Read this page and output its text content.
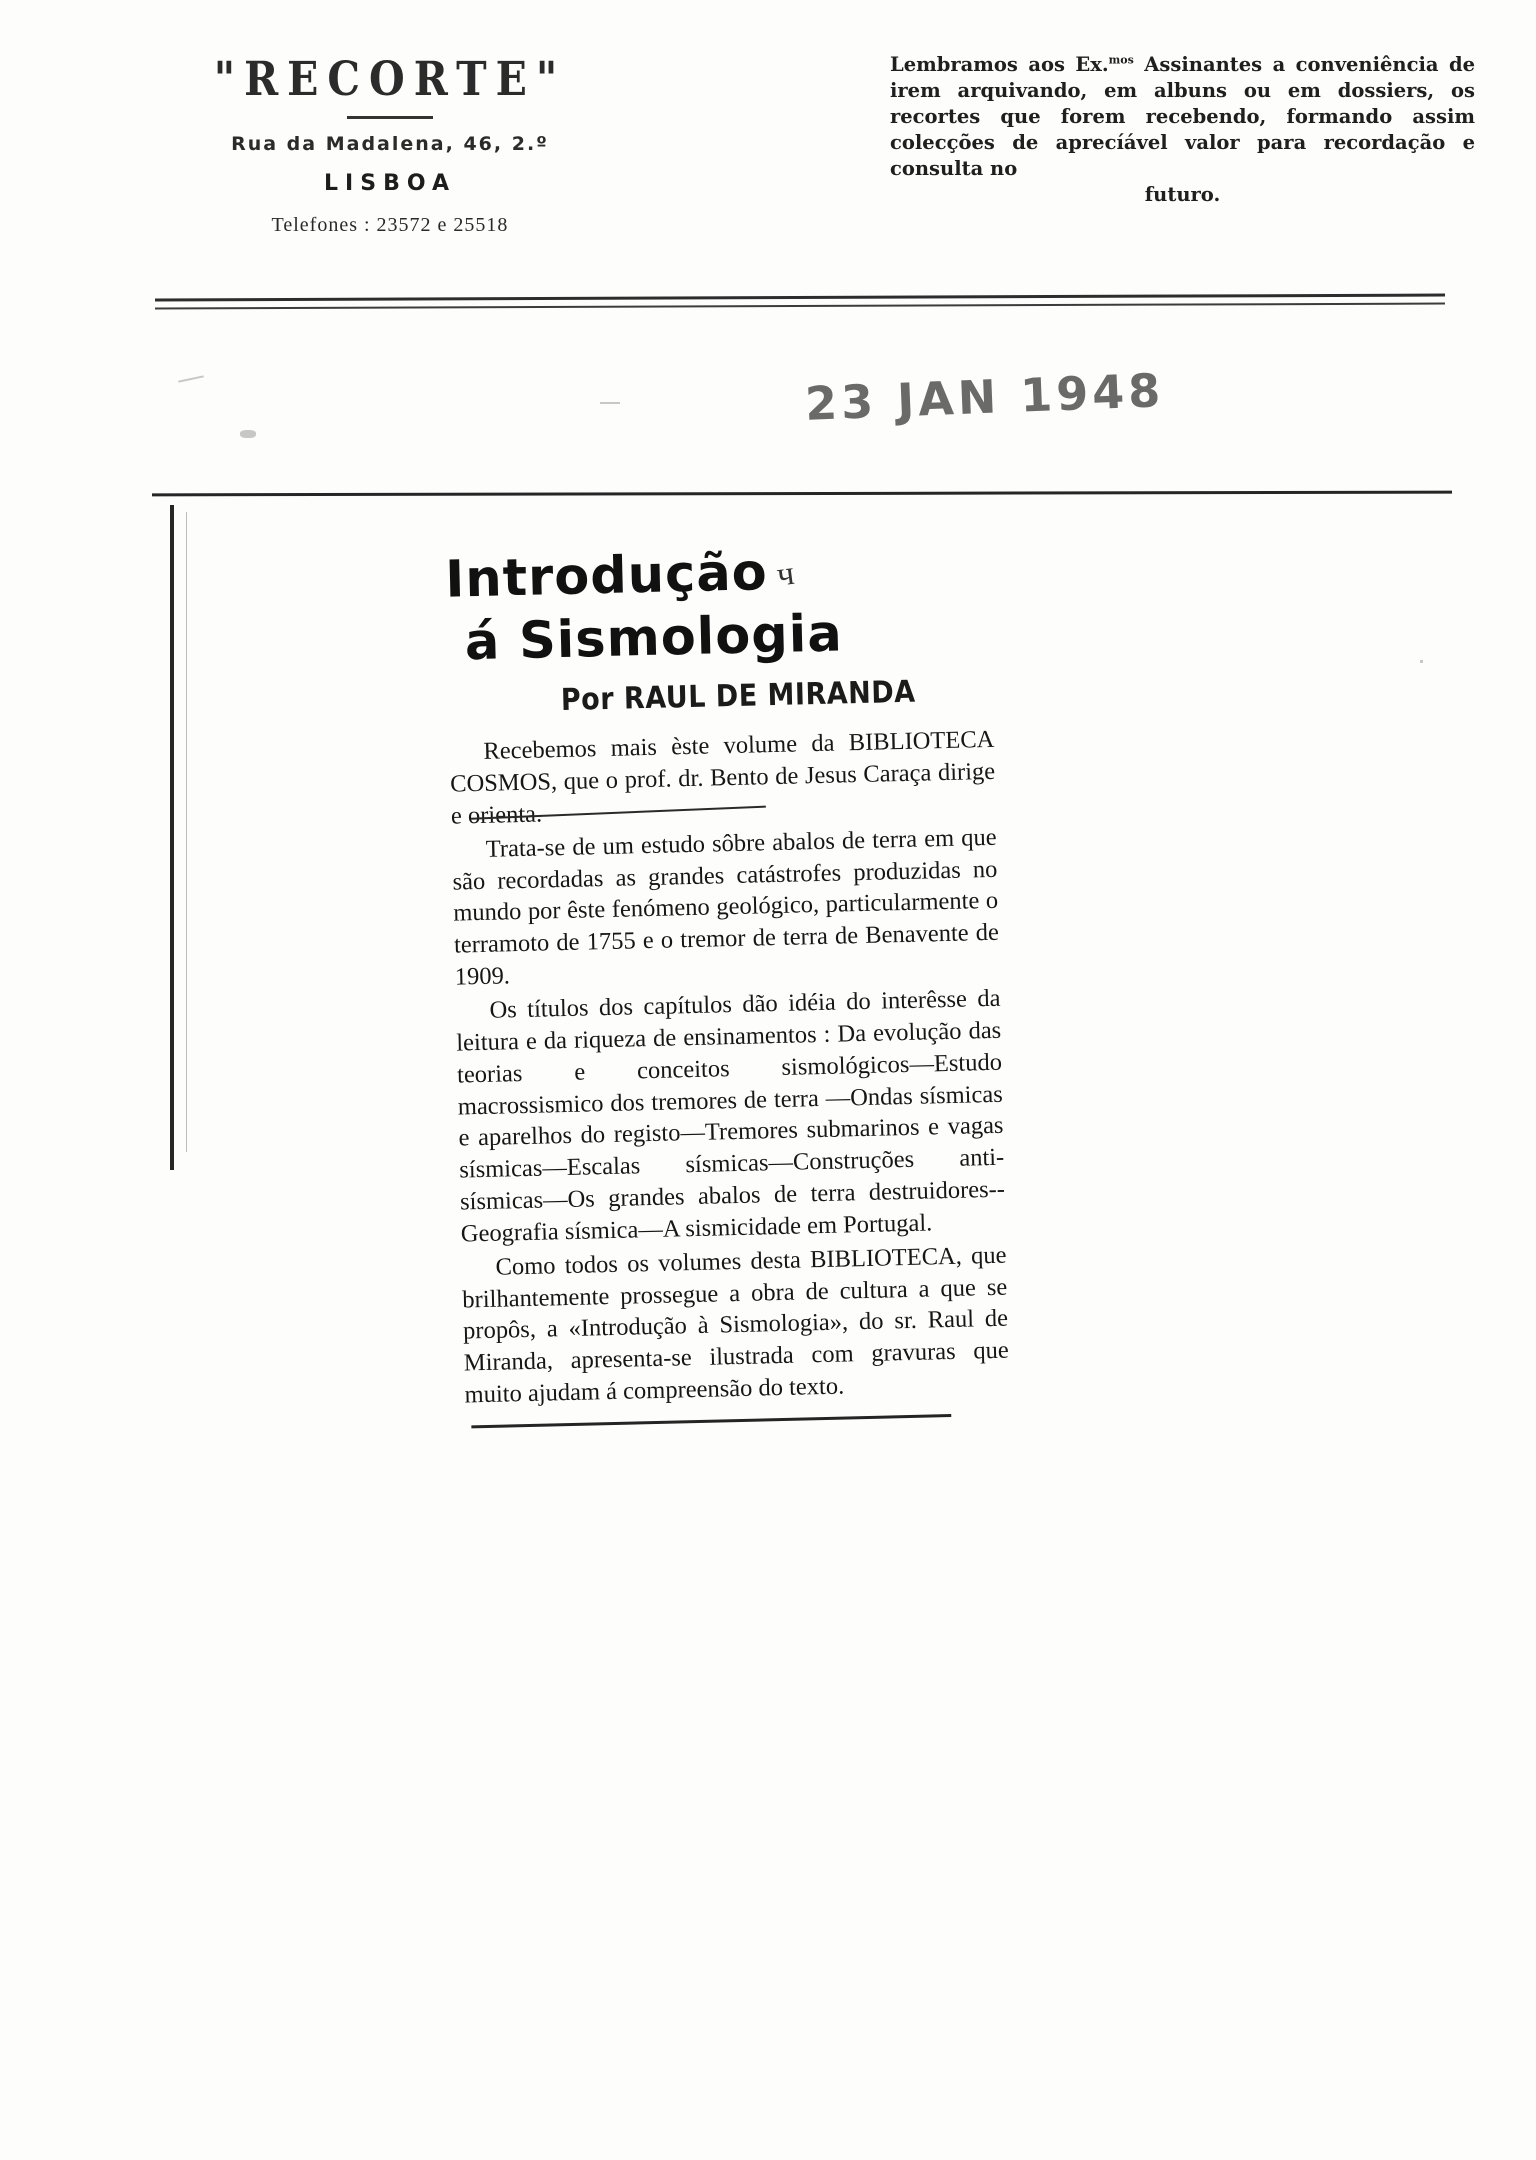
"RECORTE"
Rua da Madalena, 46, 2.º
LISBOA
Telefones : 23572 e 25518
Lembramos aos Ex.$^{mos}$ Assinantes a conveniência de irem arquivando, em albuns ou em dossiers, os recortes que forem recebendo, formando assim colecções de aprecíável valor para recordação e consulta no
futuro.
23 JAN 1948
Introdução ч
á Sismologia
Por RAUL DE MIRANDA

Recebemos mais èste volume da BIBLIOTECA COSMOS, que o prof. dr. Bento de Jesus Caraça dirige e orienta.

Trata-se de um estudo sôbre abalos de terra em que são recordadas as grandes catástrofes produzidas no mundo por êste fenómeno geológico, particularmente o terramoto de 1755 e o tremor de terra de Benavente de 1909.

Os títulos dos capítulos dão idéia do interêsse da leitura e da riqueza de ensinamentos : Da evolução das teorias e conceitos sismológicos—Estudo macrossismico dos tremores de terra —Ondas sísmicas e aparelhos do registo—Tremores submarinos e vagas sísmicas—Escalas sísmicas—Construções anti-sísmicas—Os grandes abalos de terra destruidores--Geografia sísmica—A sismicidade em Portugal.

Como todos os volumes desta BIBLIOTECA, que brilhantemente prossegue a obra de cultura a que se propôs, a «Introdução à Sismologia», do sr. Raul de Miranda, apresenta-se ilustrada com gravuras que muito ajudam á compreensão do texto.
